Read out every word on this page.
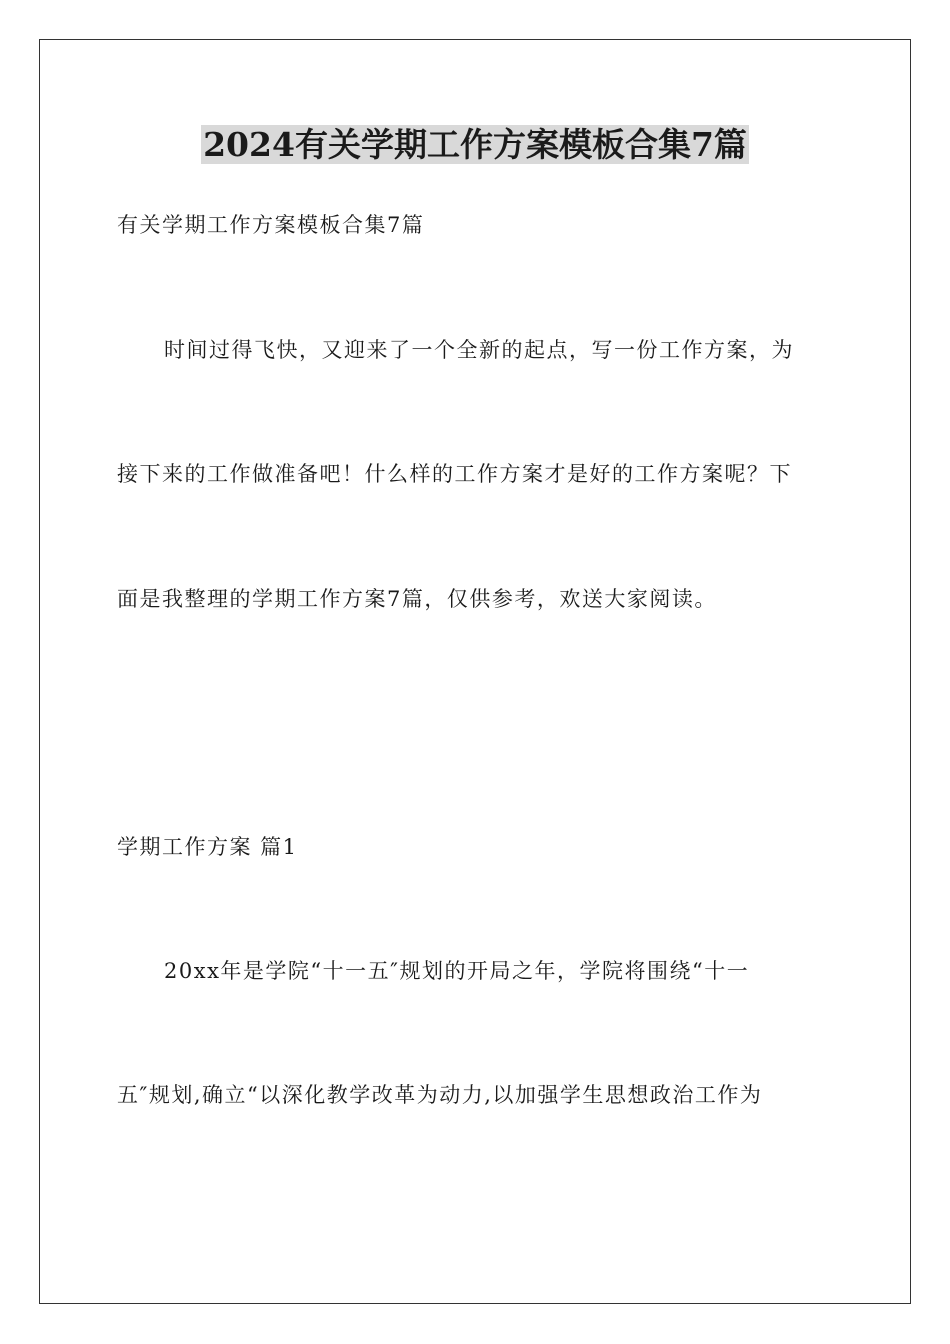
2024有关学期工作方案模板合集7篇
有关学期工作方案模板合集7篇
时间过得飞快，又迎来了一个全新的起点，写一份工作方案，为
接下来的工作做准备吧！什么样的工作方案才是好的工作方案呢？下
面是我整理的学期工作方案7篇，仅供参考，欢送大家阅读。
学期工作方案 篇1
20xx年是学院“十一五″规划的开局之年，学院将围绕“十一
五″规划,确立“以深化教学改革为动力,以加强学生思想政治工作为
